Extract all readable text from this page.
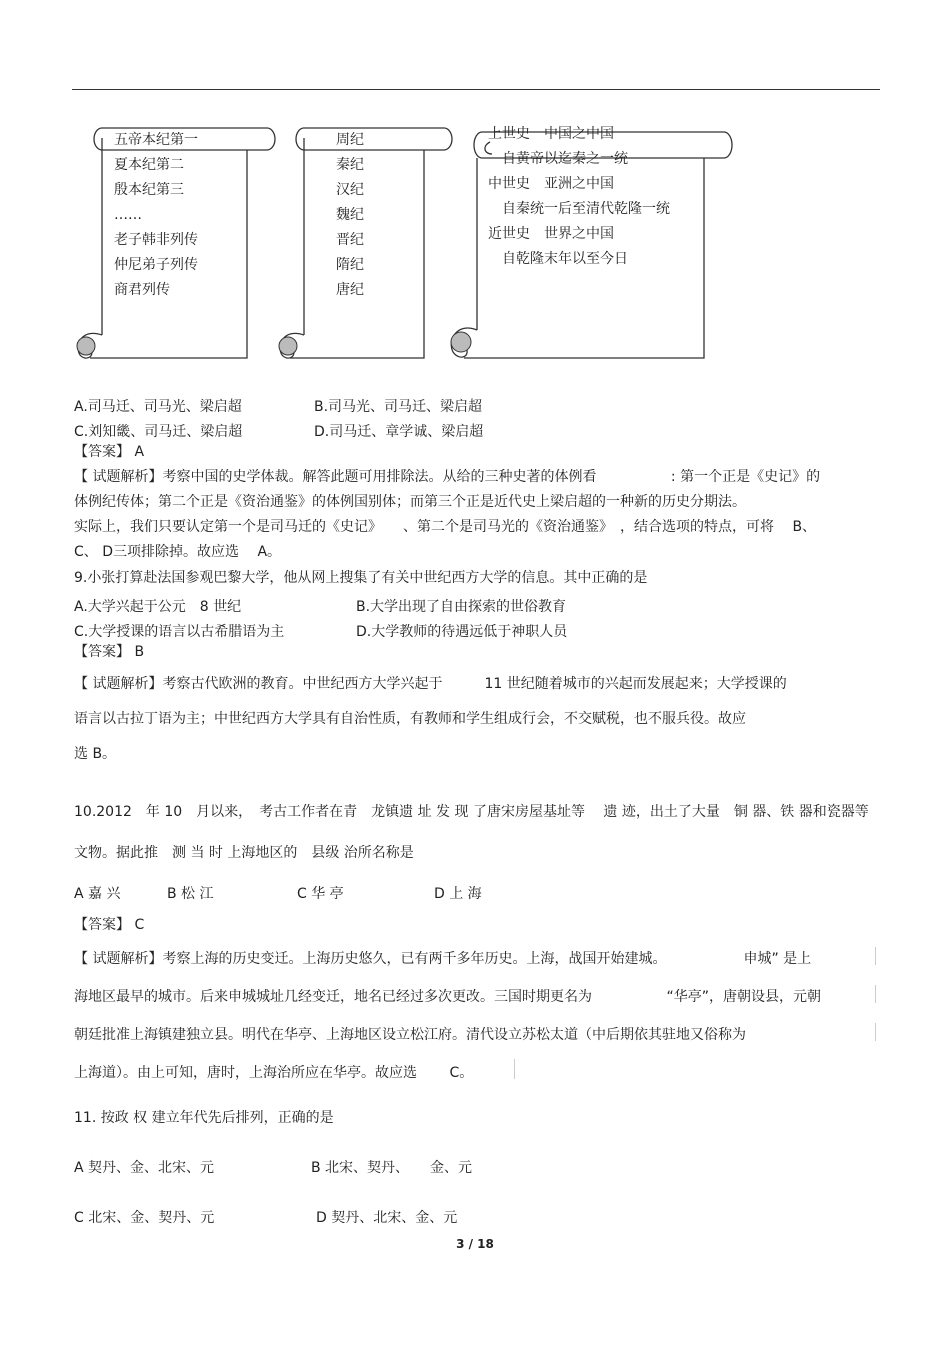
五帝本纪第一
夏本纪第二
殷本纪第三
……
老子韩非列传
仲尼弟子列传
商君列传
周纪
秦纪
汉纪
魏纪
晋纪
隋纪
唐纪
上世史　中国之中国
　自黄帝以迄秦之一统
中世史　亚洲之中国
　自秦统一后至清代乾隆一统
近世史　世界之中国
　自乾隆末年以至今日
A.司马迁、司马光、梁启超	B.司马光、司马迁、梁启超
C.刘知畿、司马迁、梁启超	D.司马迁、章学诚、梁启超
【答案】 A
【 试题解析】考察中国的史学体裁。解答此题可用排除法。从给的三种史著的体例看　　　　　 : 第一个正是《史记》的
体例纪传体；第二个正是《资治通鉴》的体例国别体；而第三个正是近代史上梁启超的一种新的历史分期法。
实际上，我们只要认定第一个是司马迁的《史记》　　、第二个是司马光的《资治通鉴》　，结合选项的特点，可将　 B、
C、 D三项排除掉。故应选　 A。
9.小张打算赴法国参观巴黎大学，他从网上搜集了有关中世纪西方大学的信息。其中正确的是
A.大学兴起于公元　8 世纪	B.大学出现了自由探索的世俗教育
C.大学授课的语言以古希腊语为主	D.大学教师的待遇远低于神职人员
【答案】 B
【 试题解析】考察古代欧洲的教育。中世纪西方大学兴起于　　　11 世纪随着城市的兴起而发展起来；大学授课的
语言以古拉丁语为主；中世纪西方大学具有自治性质，有教师和学生组成行会，不交赋税，也不服兵役。故应
选 B。
10.2012　年 10　月以来，　考古工作者在青　龙镇遗 址 发 现 了唐宋房屋基址等　 遗 迹，出土了大量　铜 器、铁 器和瓷器等
文物。据此推　测 当 时 上海地区的　县级 治所名称是
A 嘉 兴	B 松 江	C 华 亭	D 上 海
【答案】 C
【 试题解析】考察上海的历史变迁。上海历史悠久，已有两千多年历史。上海，战国开始建城。　　　　　　申城” 是上
海地区最早的城市。后来申城城址几经变迁，地名已经过多次更改。三国时期更名为　　　　　 “华亭”，唐朝设县，元朝
朝廷批准上海镇建独立县。明代在华亭、上海地区设立松江府。清代设立苏松太道（中后期依其驻地又俗称为
上海道）。由上可知，唐时，上海治所应在华亭。故应选　　 C。
11. 按政 权 建立年代先后排列，正确的是
A 契丹、金、北宋、元	B 北宋、契丹、　　金、元
C 北宋、金、契丹、元	D 契丹、北宋、金、元
3 / 18
